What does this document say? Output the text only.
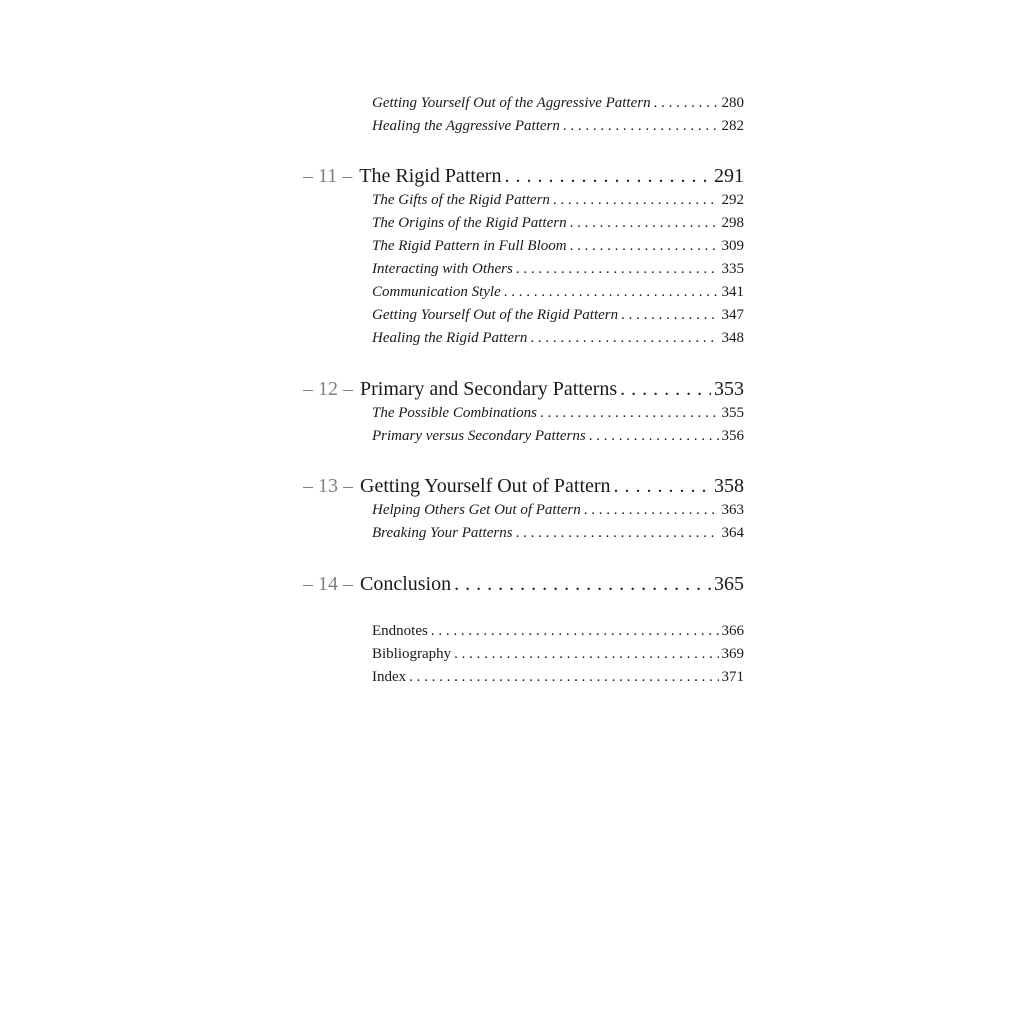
Getting Yourself Out of the Aggressive Pattern . . .	280
Healing the Aggressive Pattern . . .	282
– 11 – The Rigid Pattern . . .	291
The Gifts of the Rigid Pattern . . .	292
The Origins of the Rigid Pattern . . .	298
The Rigid Pattern in Full Bloom . . .	309
Interacting with Others . . .	335
Communication Style . . .	341
Getting Yourself Out of the Rigid Pattern . . .	347
Healing the Rigid Pattern . . .	348
– 12 – Primary and Secondary Patterns . . .	353
The Possible Combinations . . .	355
Primary versus Secondary Patterns . . .	356
– 13 – Getting Yourself Out of Pattern . . .	358
Helping Others Get Out of Pattern . . .	363
Breaking Your Patterns . . .	364
– 14 – Conclusion . . .	365
Endnotes . . .	366
Bibliography . . .	369
Index . . .	371
